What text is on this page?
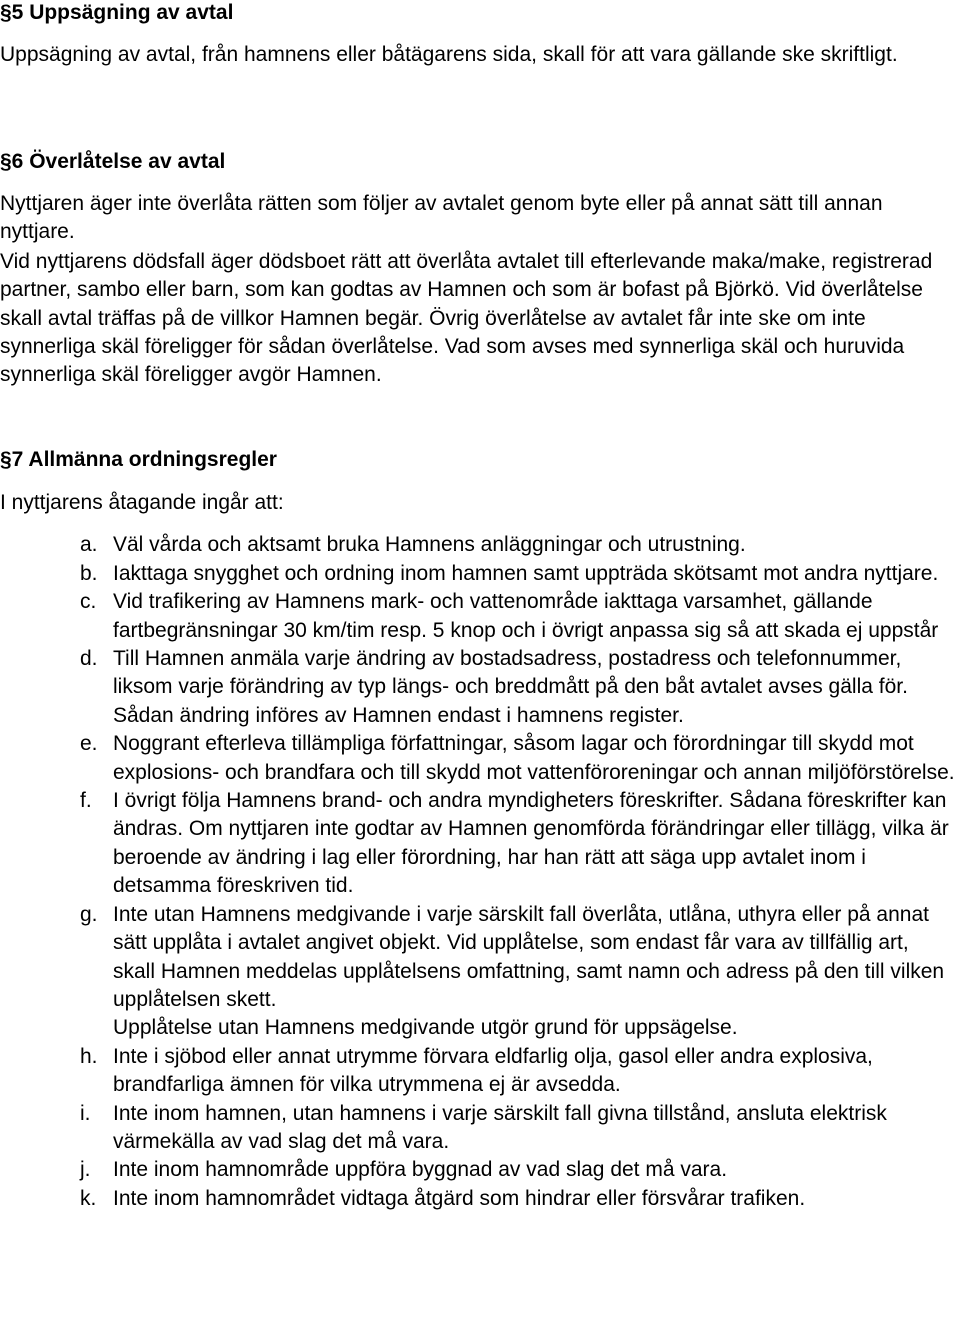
§5 Uppsägning av avtal

Uppsägning av avtal, från hamnens eller båtägarens sida, skall för att vara gällande ske skriftligt.

§6 Överlåtelse av avtal

Nyttjaren äger inte överlåta rätten som följer av avtalet genom byte eller på annat sätt till annan nyttjare.

Vid nyttjarens dödsfall äger dödsboet rätt att överlåta avtalet till efterlevande maka/make, registrerad partner, sambo eller barn, som kan godtas av Hamnen och som är bofast på Björkö. Vid överlåtelse skall avtal träffas på de villkor Hamnen begär. Övrig överlåtelse av avtalet får inte ske om inte synnerliga skäl föreligger för sådan överlåtelse. Vad som avses med synnerliga skäl och huruvida synnerliga skäl föreligger avgör Hamnen.

§7 Allmänna ordningsregler

I nyttjarens åtagande ingår att:

a. Väl vårda och aktsamt bruka Hamnens anläggningar och utrustning.
b. Iakttaga snygghet och ordning inom hamnen samt uppträda skötsamt mot andra nyttjare.
c. Vid trafikering av Hamnens mark- och vattenområde iakttaga varsamhet, gällande fartbegränsningar 30 km/tim resp. 5 knop och i övrigt anpassa sig så att skada ej uppstår
d. Till Hamnen anmäla varje ändring av bostadsadress, postadress och telefonnummer, liksom varje förändring av typ längs- och breddmått på den båt avtalet avses gälla för. Sådan ändring införes av Hamnen endast i hamnens register.
e. Noggrant efterleva tillämpliga författningar, såsom lagar och förordningar till skydd mot explosions- och brandfara och till skydd mot vattenföroreningar och annan miljöförstörelse.
f. I övrigt följa Hamnens brand- och andra myndigheters föreskrifter. Sådana föreskrifter kan ändras. Om nyttjaren inte godtar av Hamnen genomförda förändringar eller tillägg, vilka är beroende av ändring i lag eller förordning, har han rätt att säga upp avtalet inom i detsamma föreskriven tid.
g. Inte utan Hamnens medgivande i varje särskilt fall överlåta, utlåna, uthyra eller på annat sätt upplåta i avtalet angivet objekt. Vid upplåtelse, som endast får vara av tillfällig art, skall Hamnen meddelas upplåtelsens omfattning, samt namn och adress på den till vilken upplåtelsen skett.
Upplåtelse utan Hamnens medgivande utgör grund för uppsägelse.
h. Inte i sjöbod eller annat utrymme förvara eldfarlig olja, gasol eller andra explosiva, brandfarliga ämnen för vilka utrymmena ej är avsedda.
i. Inte inom hamnen, utan hamnens i varje särskilt fall givna tillstånd, ansluta elektrisk värmekälla av vad slag det må vara.
j. Inte inom hamnområde uppföra byggnad av vad slag det må vara.
k. Inte inom hamnområdet vidtaga åtgärd som hindrar eller försvårar trafiken.
